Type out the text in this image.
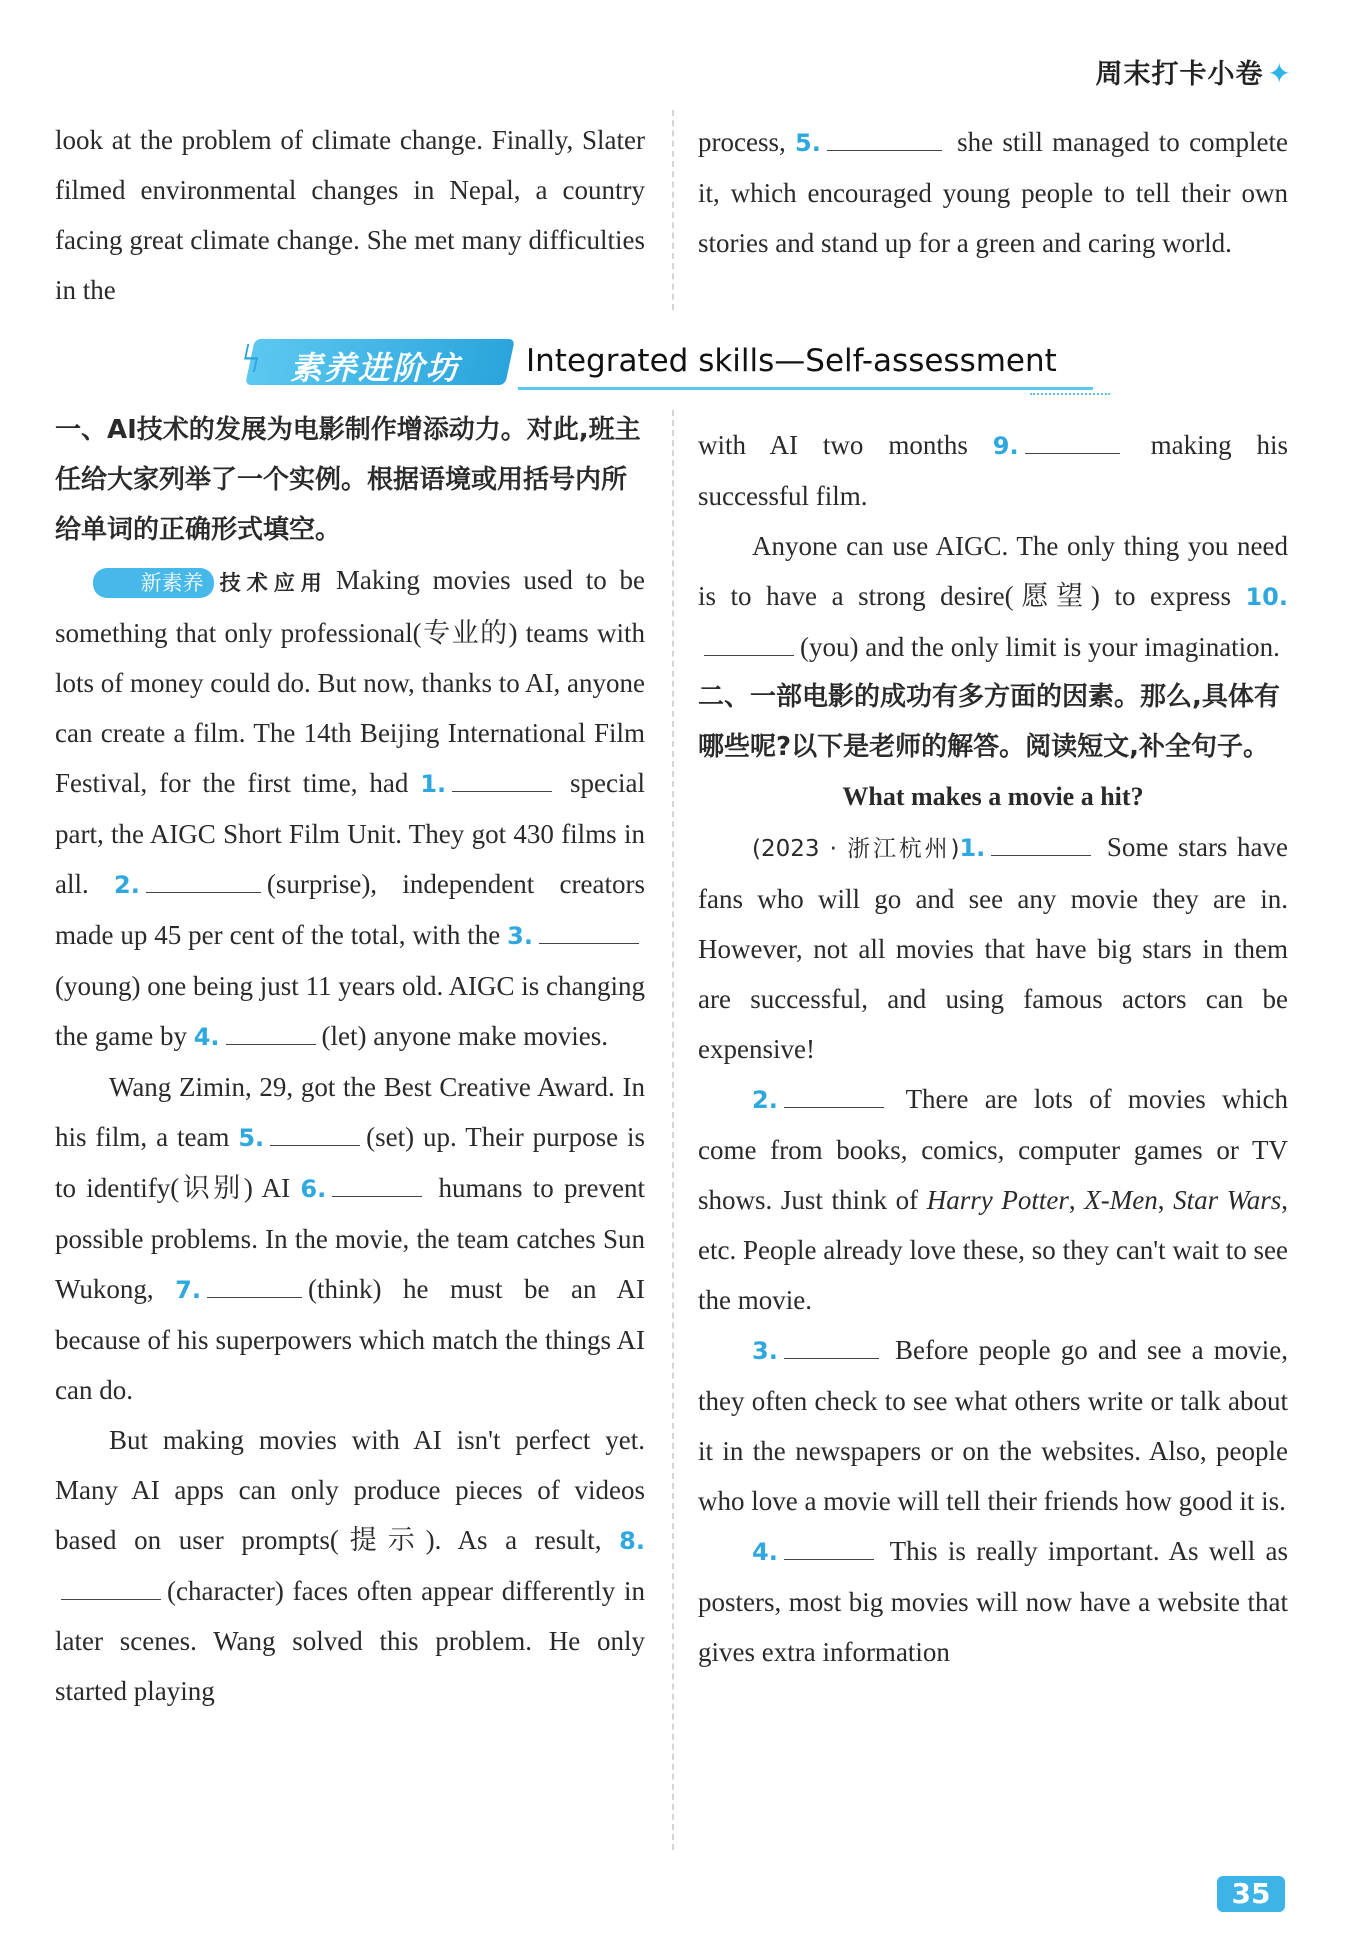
周末打卡小卷 ✦

look at the problem of climate change. Finally, Slater filmed environmental changes in Nepal, a country facing great climate change. She met many difficulties in the

process, 5.	she still managed to complete it, which encouraged young people to tell their own stories and stand up for a green and caring world.

ϟ 素养进阶坊 Integrated skills—Self-assessment
一、AI技术的发展为电影制作增添动力。对此,班主任给大家列举了一个实例。根据语境或用括号内所给单词的正确形式填空。

新素养 技术应用 Making movies used to be something that only professional(专业的) teams with lots of money could do. But now, thanks to AI, anyone can create a film. The 14th Beijing International Film Festival, for the first time, had 1.	special part, the AIGC Short Film Unit. They got 430 films in all. 2.	(surprise), independent creators made up 45 per cent of the total, with the 3.(young) one being just 11 years old. AIGC is changing the game by 4.	(let) anyone make movies.

Wang Zimin, 29, got the Best Creative Award. In his film, a team 5.	(set) up. Their purpose is to identify(识别) AI 6.	humans to prevent possible problems. In the movie, the team catches Sun Wukong, 7.	(think) he must be an AI because of his superpowers which match the things AI can do.

But making movies with AI isn't perfect yet. Many AI apps can only produce pieces of videos based on user prompts(提示). As a result, 8.(character) faces often appear differently in later scenes. Wang solved this problem. He only started playing

with AI two months 9.	making his successful film.

Anyone can use AIGC. The only thing you need is to have a strong desire(愿望) to express 10.(you) and the only limit is your imagination.

二、一部电影的成功有多方面的因素。那么,具体有哪些呢?以下是老师的解答。阅读短文,补全句子。

What makes a movie a hit?

(2023 · 浙江杭州)1.	Some stars have fans who will go and see any movie they are in. However, not all movies that have big stars in them are successful, and using famous actors can be expensive!

2.	There are lots of movies which come from books, comics, computer games or TV shows. Just think of Harry Potter, X-Men, Star Wars, etc. People already love these, so they can't wait to see the movie.

3.	Before people go and see a movie, they often check to see what others write or talk about it in the newspapers or on the websites. Also, people who love a movie will tell their friends how good it is.

4.	This is really important. As well as posters, most big movies will now have a website that gives extra information

35
